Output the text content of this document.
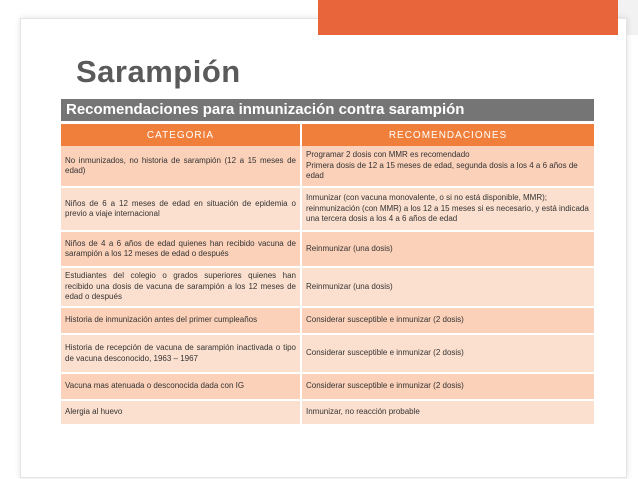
Sarampión

Recomendaciones para inmunización contra sarampión

CATEGORIA	RECOMENDACIONES
No inmunizados, no historia de sarampión (12 a 15 meses de edad)	Programar 2 dosis con MMR es recomendado
Primera dosis de 12 a 15 meses de edad, segunda dosis a los 4 a 6 años de edad

Niños de 6 a 12 meses de edad en situación de epidemia o previo a viaje internacional	Inmunizar (con vacuna monovalente, o si no está disponible, MMR); reinmunización (con MMR) a los 12 a 15 meses si es necesario, y está indicada una tercera dosis a los 4 a 6 años de edad

Niños de 4 a 6 años de edad quienes han recibido vacuna de sarampión a los 12 meses de edad o después	Reinmunizar (una dosis)

Estudiantes del colegio o grados superiores quienes han recibido una dosis de vacuna de sarampión a los 12 meses de edad o después	Reinmunizar (una dosis)

Historia de inmunización antes del primer cumpleaños	Considerar susceptible e inmunizar (2 dosis)

Historia de recepción de vacuna de sarampión inactivada o tipo de vacuna desconocido, 1963 – 1967	Considerar susceptible e inmunizar (2 dosis)

Vacuna mas atenuada o desconocida dada con IG	Considerar susceptible e inmunizar (2 dosis)

Alergia al huevo	Inmunizar, no reacción probable
